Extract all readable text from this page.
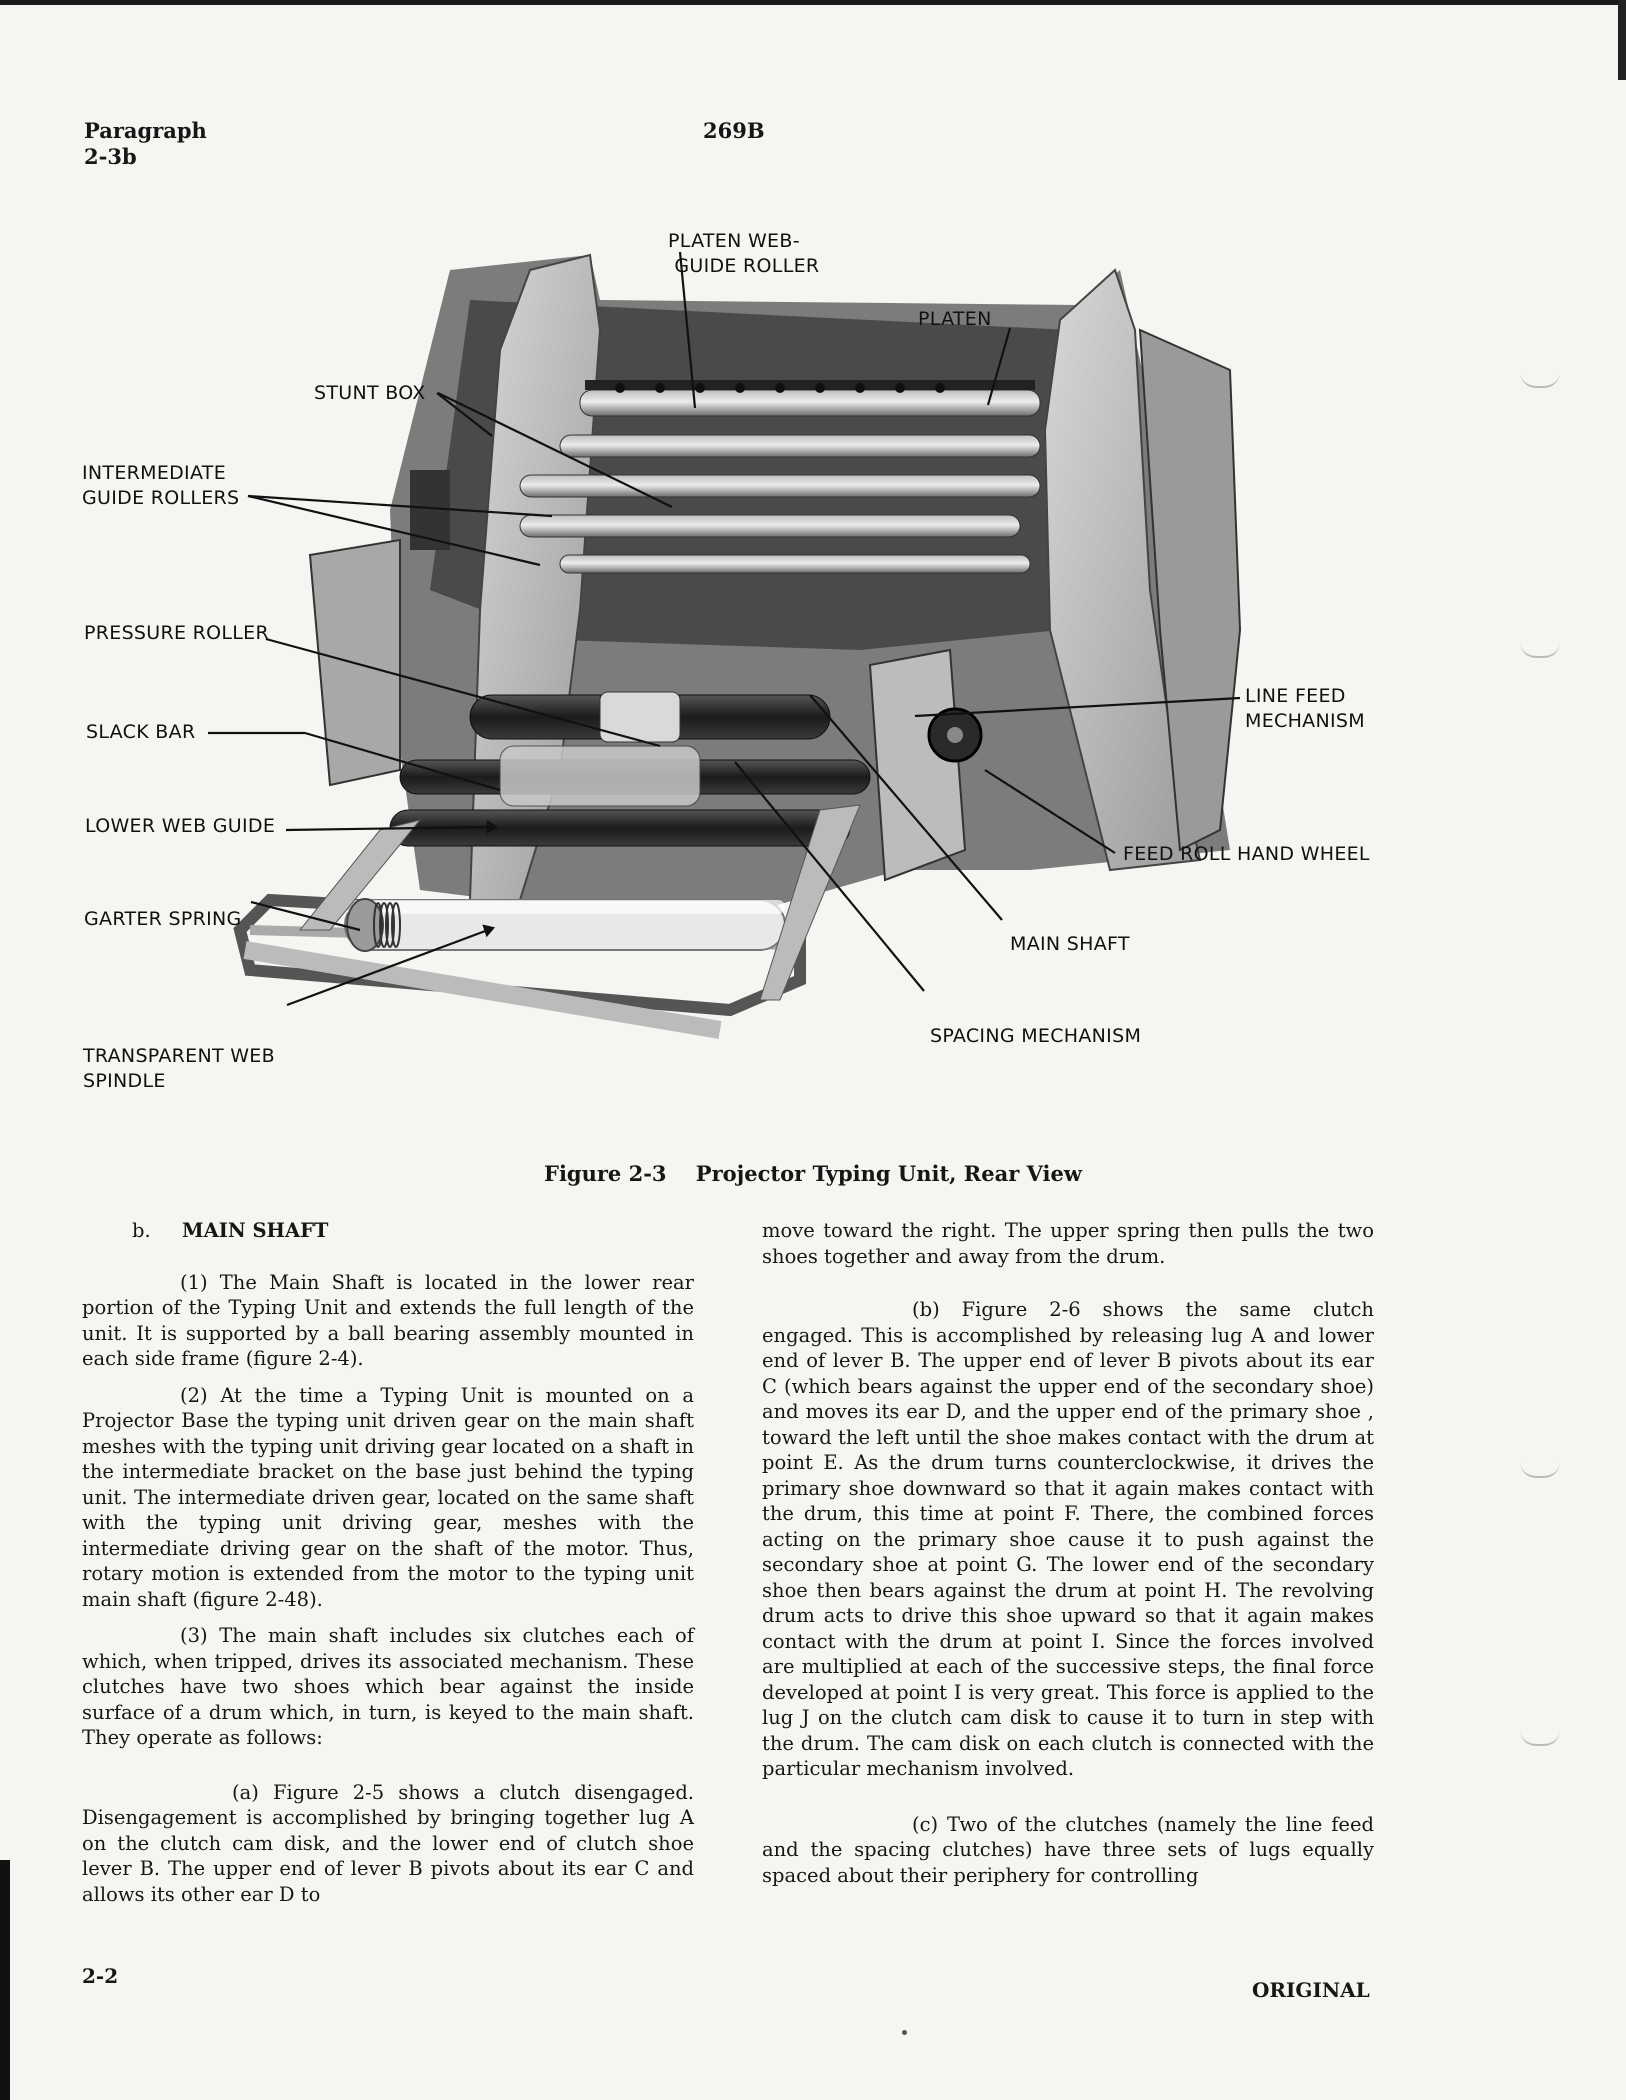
Paragraph
2-3b
269B
PLATEN WEB-
GUIDE ROLLER
PLATEN
STUNT BOX
INTERMEDIATE
GUIDE ROLLERS
PRESSURE ROLLER
SLACK BAR
LOWER WEB GUIDE
GARTER SPRING
TRANSPARENT WEB
SPINDLE
LINE FEED
MECHANISM
FEED ROLL HAND WHEEL
MAIN SHAFT
SPACING MECHANISM
Figure 2-3    Projector Typing Unit, Rear View

b. MAIN SHAFT

(1) The Main Shaft is located in the lower rear portion of the Typing Unit and extends the full length of the unit. It is supported by a ball bearing assembly mounted in each side frame (figure 2-4).

(2) At the time a Typing Unit is mounted on a Projector Base the typing unit driven gear on the main shaft meshes with the typing unit driving gear located on a shaft in the intermediate bracket on the base just behind the typing unit. The intermediate driven gear, located on the same shaft with the typing unit driving gear, meshes with the intermediate driving gear on the shaft of the motor. Thus, rotary motion is extended from the motor to the typing unit main shaft (figure 2-48).

(3) The main shaft includes six clutches each of which, when tripped, drives its associated mechanism. These clutches have two shoes which bear against the inside surface of a drum which, in turn, is keyed to the main shaft. They operate as follows:

(a) Figure 2-5 shows a clutch disengaged. Disengagement is accomplished by bringing together lug A on the clutch cam disk, and the lower end of clutch shoe lever B. The upper end of lever B pivots about its ear C and allows its other ear D to

move toward the right. The upper spring then pulls the two shoes together and away from the drum.

(b) Figure 2-6 shows the same clutch engaged. This is accomplished by releasing lug A and lower end of lever B. The upper end of lever B pivots about its ear C (which bears against the upper end of the secondary shoe) and moves its ear D, and the upper end of the primary shoe , toward the left until the shoe makes contact with the drum at point E. As the drum turns counterclockwise, it drives the primary shoe downward so that it again makes contact with the drum, this time at point F. There, the combined forces acting on the primary shoe cause it to push against the secondary shoe at point G. The lower end of the secondary shoe then bears against the drum at point H. The revolving drum acts to drive this shoe upward so that it again makes contact with the drum at point I. Since the forces involved are multiplied at each of the successive steps, the final force developed at point I is very great. This force is applied to the lug J on the clutch cam disk to cause it to turn in step with the drum. The cam disk on each clutch is connected with the particular mechanism involved.

(c) Two of the clutches (namely the line feed and the spacing clutches) have three sets of lugs equally spaced about their periphery for controlling

2-2
ORIGINAL
